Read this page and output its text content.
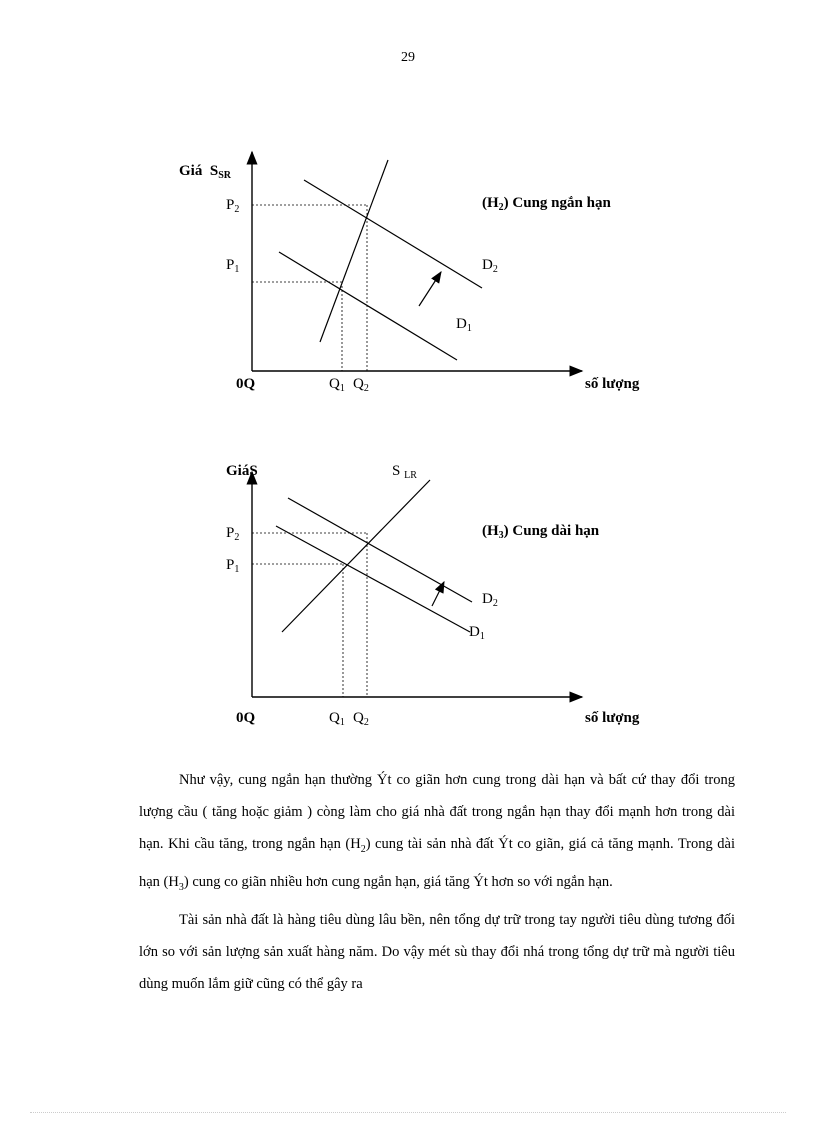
29
Giá $S_{SR}$
$P_2$
$P_1$
0Q	$Q_1$ $Q_2$	số lượng
$(H_2)$ Cung ngắn hạn
$D_2$
$D_1$
GiáS	S $_{LR}$
$P_2$
$P_1$
0Q	$Q_1$ $Q_2$	số lượng
$(H_3)$ Cung dài hạn
$D_2$
$D_1$

Như vậy, cung ngắn hạn thường Ýt co giãn hơn cung trong dài hạn và bất cứ thay đổi trong lượng cầu ( tăng hoặc giảm ) còng làm cho giá nhà đất trong ngắn hạn thay đổi mạnh hơn trong dài hạn. Khi cầu tăng, trong ngắn hạn $(H_2)$ cung tài sản nhà đất Ýt co giãn, giá cả tăng mạnh. Trong dài hạn $(H_3)$ cung co giãn nhiều hơn cung ngắn hạn, giá tăng Ýt hơn so với ngắn hạn.

Tài sản nhà đất là hàng tiêu dùng lâu bền, nên tổng dự trữ trong tay người tiêu dùng tương đối lớn so với sản lượng sản xuất hàng năm. Do vậy mét sù thay đổi nhá trong tổng dự trữ mà người tiêu dùng muốn lắm giữ cũng có thể gây ra
